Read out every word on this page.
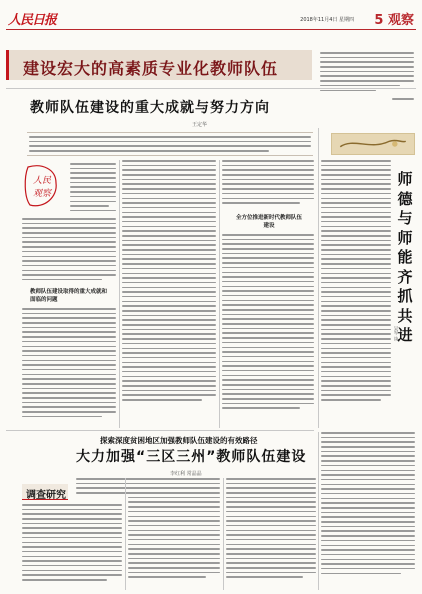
人民日报	2018年11月4日 星期四 5 观察
建设宏大的高素质专业化教师队伍
教师队伍建设的重大成就与努力方向
王定华
人民
观察
教师队伍建设取得的重大成就和面临的问题
全方位推进新时代教师队伍建设
师德与师能齐抓共进
吴军 谈
探索深度贫困地区加强教师队伍建设的有效路径
大力加强“三区三州”教师队伍建设
李红利 常晶晶
调查研究
